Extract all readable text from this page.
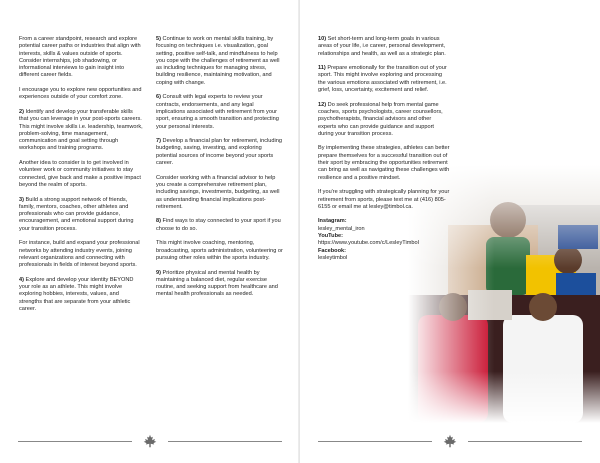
From a career standpoint, research and explore potential career paths or industries that align with interests, skills & values outside of sports. Consider internships, job shadowing, or informational interviews to gain insight into different career fields.

I encourage you to explore new opportunities and experiences outside of your comfort zone.

2) Identify and develop your transferable skills that you can leverage in your post-sports careers. This might involve skills i.e. leadership, teamwork, problem-solving, time management, communication and goal setting through workshops and training programs.

Another idea to consider is to get involved in volunteer work or community initiatives to stay connected, give back and make a positive impact beyond the realm of sports.

3) Build a strong support network of friends, family, mentors, coaches, other athletes and professionals who can provide guidance, encouragement, and emotional support during your transition process.

For instance, build and expand your professional networks by attending industry events, joining relevant organizations and connecting with professionals in fields of interest beyond sports.

4) Explore and develop your identity BEYOND your role as an athlete. This might involve exploring hobbies, interests, values, and strengths that are separate from your athletic career.

5) Continue to work on mental skills training, by focusing on techniques i.e. visualization, goal setting, positive self-talk, and mindfulness to help you cope with the challenges of retirement as well as including techniques for managing stress, building resilience, maintaining motivation, and coping with change.

6) Consult with legal experts to review your contracts, endorsements, and any legal implications associated with retirement from your sport, ensuring a smooth transition and protecting your personal interests.

7) Develop a financial plan for retirement, including budgeting, saving, investing, and exploring potential sources of income beyond your sports career.

Consider working with a financial advisor to help you create a comprehensive retirement plan, including savings, investments, budgeting, as well as understanding financial implications post-retirement.

8) Find ways to stay connected to your sport if you choose to do so.

This might involve coaching, mentoring, broadcasting, sports administration, volunteering or pursuing other roles within the sports industry.

9) Prioritize physical and mental health by maintaining a balanced diet, regular exercise routine, and seeking support from healthcare and mental health professionals as needed.

10) Set short-term and long-term goals in various areas of your life, i.e career, personal development, relationships and health, as well as a strategic plan.

11) Prepare emotionally for the transition out of your sport. This might involve exploring and processing the various emotions associated with retirement, i.e. grief, loss, uncertainty, excitement and relief.

12) Do seek professional help from mental game coaches, sports psychologists, career counsellors, psychotherapists, financial advisors and other experts who can provide guidance and support during your transition process.

By implementing these strategies, athletes can better prepare themselves for a successful transition out of their sport by embracing the opportunities retirement can bring as well as navigating these challenges with resilience and a positive mindset.

If you're struggling with strategically planning for your retirement from sports, please text me at (416) 805-6155 or email me at lesley@timbol.ca.

Instagram:
lesley_mental_iron
YouTube:
https://www.youtube.com/c/LesleyTimbol
Facebook:
lesleytimbol
